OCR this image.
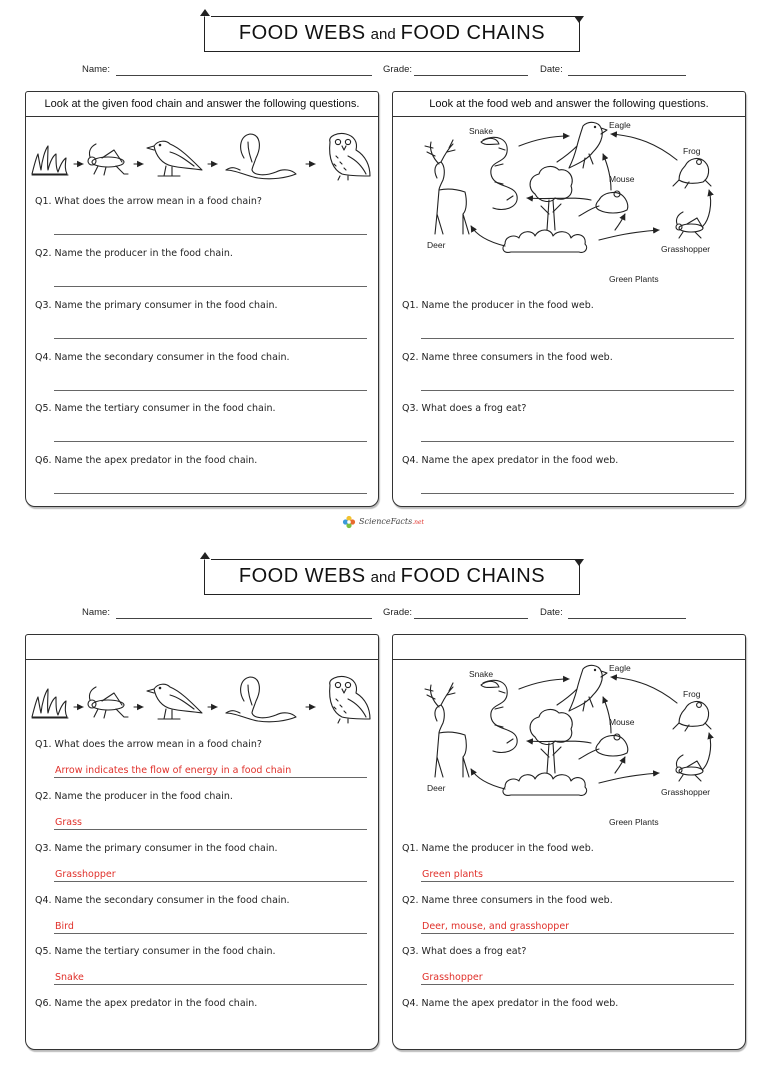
FOOD WEBS and FOOD CHAINS
Name:	Grade:	Date:
Look at the given food chain and answer the following questions.
Q1. What does the arrow mean in a food chain?
Q2. Name the producer in the food chain.
Q3. Name the primary consumer in the food chain.
Q4. Name the secondary consumer in the food chain.
Q5. Name the tertiary consumer in the food chain.
Q6. Name the apex predator in the food chain.
Look at the food web and answer the following questions.
Q1. Name the producer in the food web.
Q2. Name three consumers in the food web.
Q3. What does a frog eat?
Q4. Name the apex predator in the food web.
ScienceFacts.net
FOOD WEBS and FOOD CHAINS
Name:	Grade:	Date:
Q1. What does the arrow mean in a food chain?
Arrow indicates the flow of energy in a food chain
Q2. Name the producer in the food chain.
Grass
Q3. Name the primary consumer in the food chain.
Grasshopper
Q4. Name the secondary consumer in the food chain.
Bird
Q5. Name the tertiary consumer in the food chain.
Snake
Q6. Name the apex predator in the food chain.
Q1. Name the producer in the food web.
Green plants
Q2. Name three consumers in the food web.
Deer, mouse, and grasshopper
Q3. What does a frog eat?
Grasshopper
Q4. Name the apex predator in the food web.
